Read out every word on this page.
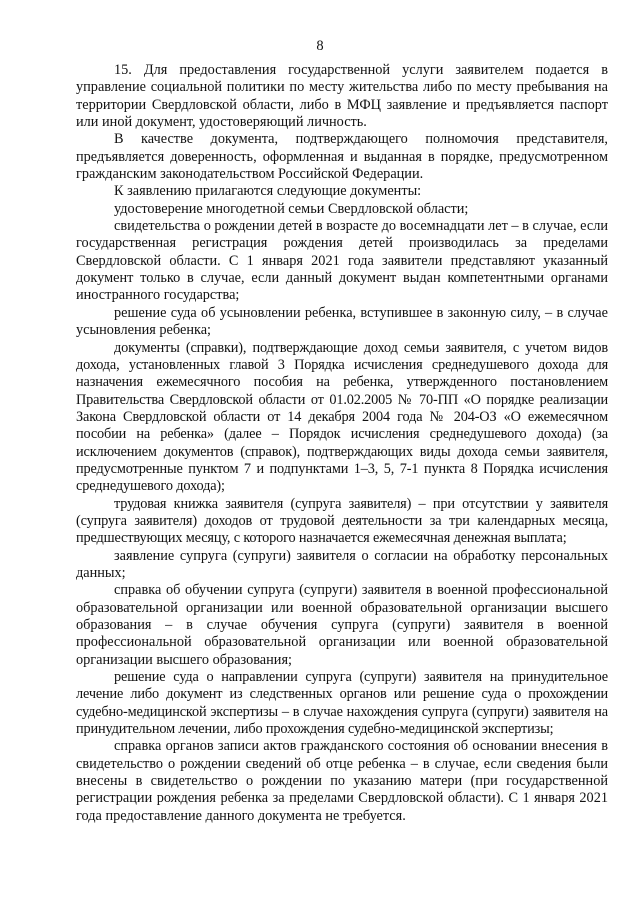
8

15. Для предоставления государственной услуги заявителем подается в управление социальной политики по месту жительства либо по месту пребывания на территории Свердловской области, либо в МФЦ заявление и предъявляется паспорт или иной документ, удостоверяющий личность.

В качестве документа, подтверждающего полномочия представителя, предъявляется доверенность, оформленная и выданная в порядке, предусмотренном гражданским законодательством Российской Федерации.

К заявлению прилагаются следующие документы:

удостоверение многодетной семьи Свердловской области;

свидетельства о рождении детей в возрасте до восемнадцати лет – в случае, если государственная регистрация рождения детей производилась за пределами Свердловской области. С 1 января 2021 года заявители представляют указанный документ только в случае, если данный документ выдан компетентными органами иностранного государства;

решение суда об усыновлении ребенка, вступившее в законную силу, – в случае усыновления ребенка;

документы (справки), подтверждающие доход семьи заявителя, с учетом видов дохода, установленных главой 3 Порядка исчисления среднедушевого дохода для назначения ежемесячного пособия на ребенка, утвержденного постановлением Правительства Свердловской области от 01.02.2005 № 70-ПП «О порядке реализации Закона Свердловской области от 14 декабря 2004 года № 204-ОЗ «О ежемесячном пособии на ребенка» (далее – Порядок исчисления среднедушевого дохода) (за исключением документов (справок), подтверждающих виды дохода семьи заявителя, предусмотренные пунктом 7 и подпунктами 1–3, 5, 7-1 пункта 8 Порядка исчисления среднедушевого дохода);

трудовая книжка заявителя (супруга заявителя) – при отсутствии у заявителя (супруга заявителя) доходов от трудовой деятельности за три календарных месяца, предшествующих месяцу, с которого назначается ежемесячная денежная выплата;

заявление супруга (супруги) заявителя о согласии на обработку персональных данных;

справка об обучении супруга (супруги) заявителя в военной профессиональной образовательной организации или военной образовательной организации высшего образования – в случае обучения супруга (супруги) заявителя в военной профессиональной образовательной организации или военной образовательной организации высшего образования;

решение суда о направлении супруга (супруги) заявителя на принудительное лечение либо документ из следственных органов или решение суда о прохождении судебно-медицинской экспертизы – в случае нахождения супруга (супруги) заявителя на принудительном лечении, либо прохождения судебно-медицинской экспертизы;

справка органов записи актов гражданского состояния об основании внесения в свидетельство о рождении сведений об отце ребенка – в случае, если сведения были внесены в свидетельство о рождении по указанию матери (при государственной регистрации рождения ребенка за пределами Свердловской области). С 1 января 2021 года предоставление данного документа не требуется.
